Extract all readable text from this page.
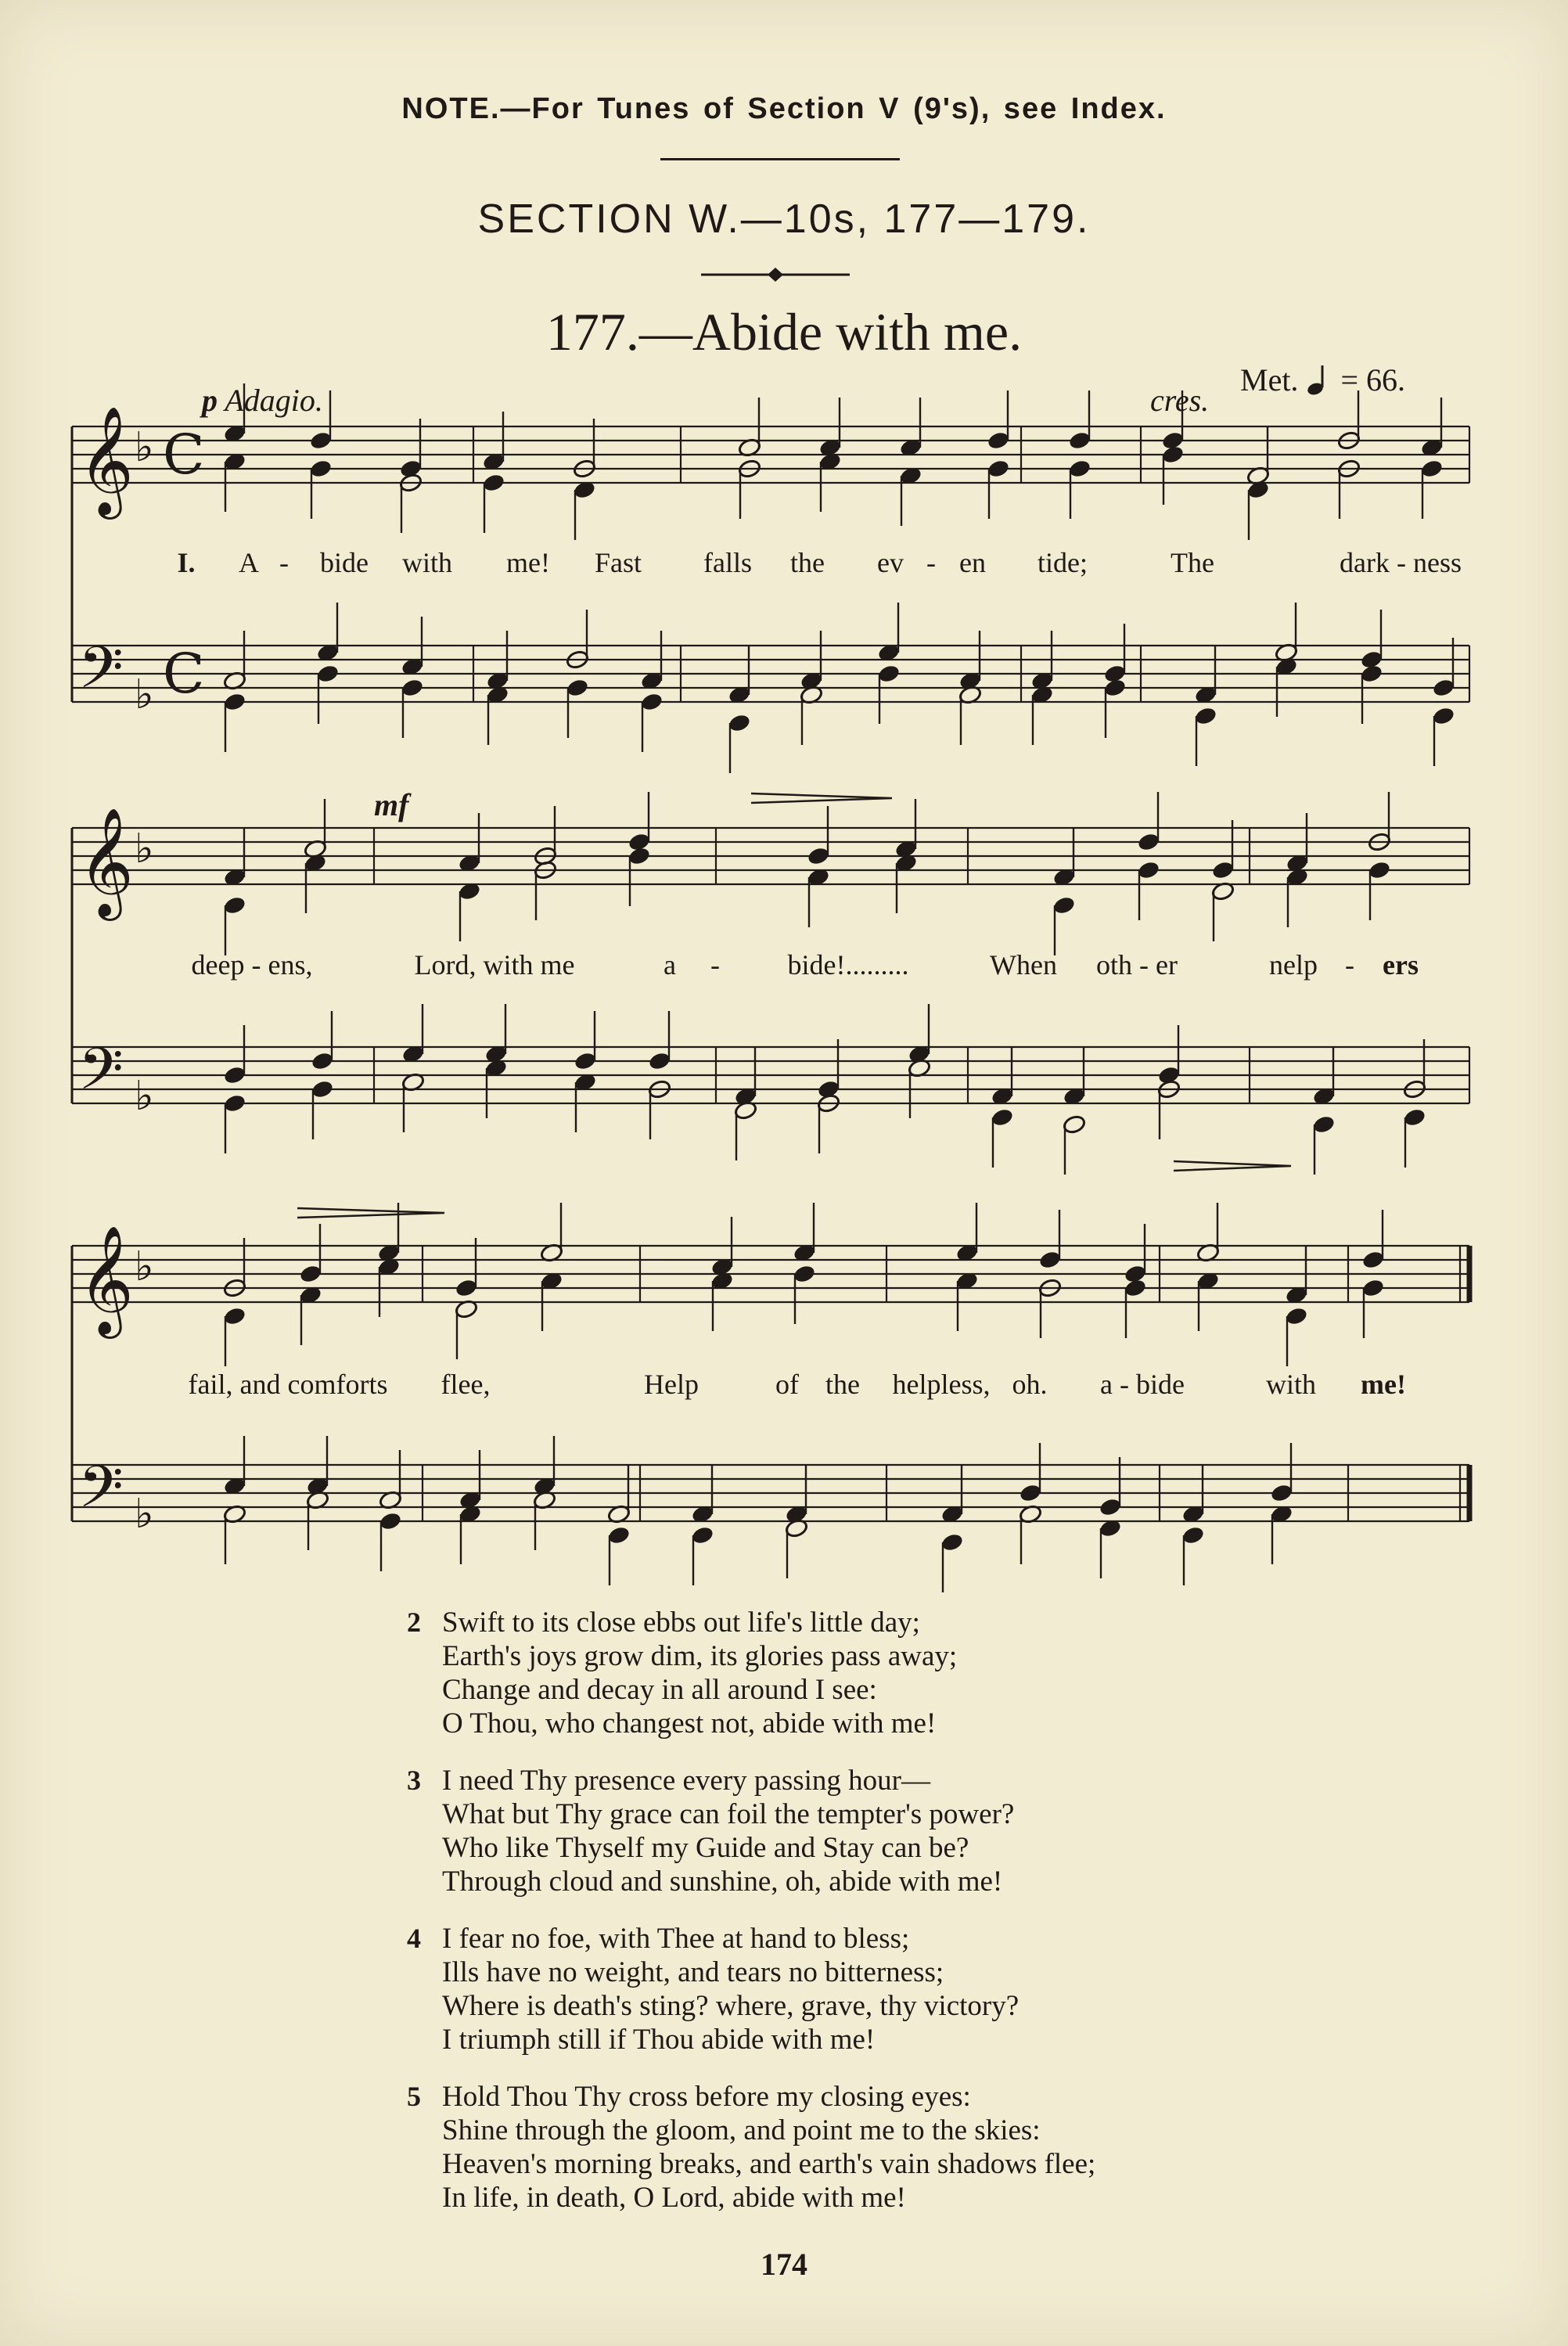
NOTE.—For Tunes of Section V (9's), see Index.
SECTION W.—10s, 177—179.
177.—Abide with me.
p Adagio.	cres.
Met. = 66.
mf
𝄞 ♭ C
𝄢 ♭ C
𝄞 ♭
𝄢 ♭
𝄞 ♭
𝄢 ♭
I. A - bide with me! Fast falls the ev - en tide;	The	dark - ness
deep - ens,	Lord, with me	a - bide!.........	When oth - er	nelp - ers
fail, and comforts flee,	Help	of the helpless, oh. a - bide	with me!
2 Swift to its close ebbs out life's little day;
Earth's joys grow dim, its glories pass away;
Change and decay in all around I see:
O Thou, who changest not, abide with me!
3 I need Thy presence every passing hour—
What but Thy grace can foil the tempter's power?
Who like Thyself my Guide and Stay can be?
Through cloud and sunshine, oh, abide with me!
4 I fear no foe, with Thee at hand to bless;
Ills have no weight, and tears no bitterness;
Where is death's sting? where, grave, thy victory?
I triumph still if Thou abide with me!
5 Hold Thou Thy cross before my closing eyes:
Shine through the gloom, and point me to the skies:
Heaven's morning breaks, and earth's vain shadows flee;
In life, in death, O Lord, abide with me!
174
